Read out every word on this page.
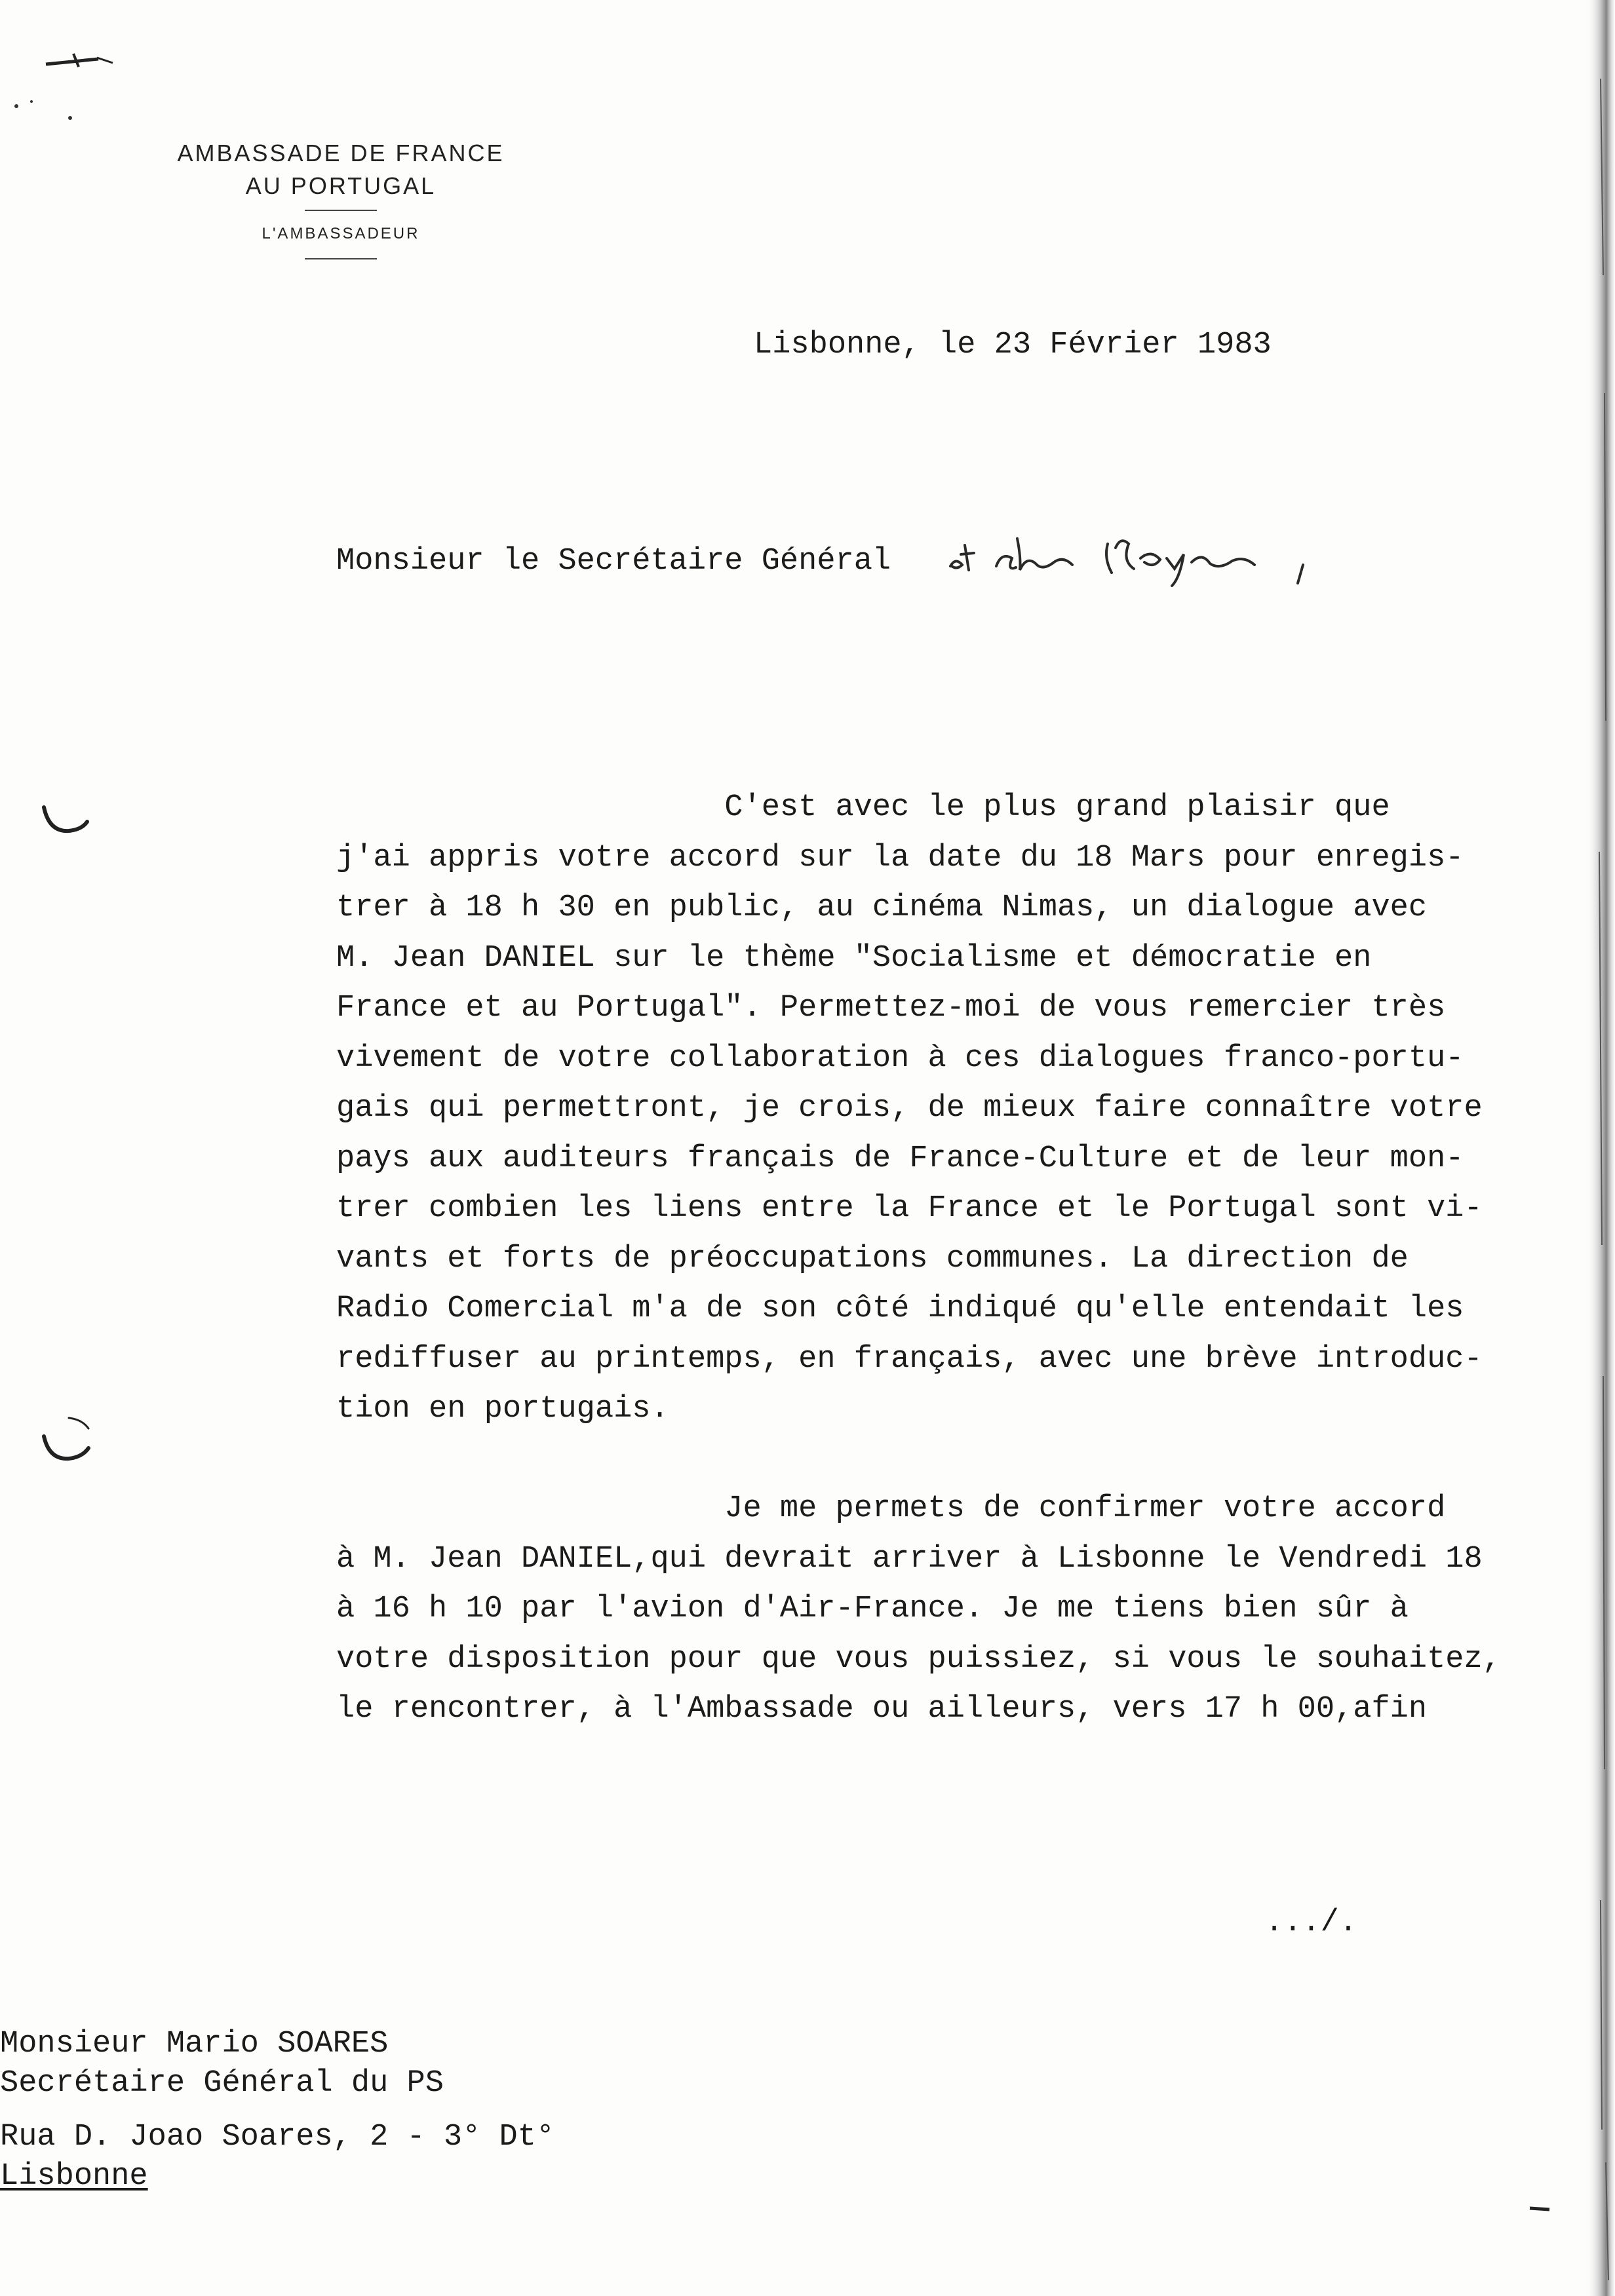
AMBASSADE DE FRANCE
AU PORTUGAL
L'AMBASSADEUR
Lisbonne, le 23 Février 1983
Monsieur le Secrétaire Général
C'est avec le plus grand plaisir que
j'ai appris votre accord sur la date du 18 Mars pour enregis-
trer à 18 h 30 en public, au cinéma Nimas, un dialogue avec
M. Jean DANIEL sur le thème "Socialisme et démocratie en
France et au Portugal". Permettez-moi de vous remercier très
vivement de votre collaboration à ces dialogues franco-portu-
gais qui permettront, je crois, de mieux faire connaître votre
pays aux auditeurs français de France-Culture et de leur mon-
trer combien les liens entre la France et le Portugal sont vi-
vants et forts de préoccupations communes. La direction de
Radio Comercial m'a de son côté indiqué qu'elle entendait les
rediffuser au printemps, en français, avec une brève introduc-
tion en portugais.
Je me permets de confirmer votre accord
à M. Jean DANIEL,qui devrait arriver à Lisbonne le Vendredi 18
à 16 h 10 par l'avion d'Air-France. Je me tiens bien sûr à
votre disposition pour que vous puissiez, si vous le souhaitez,
le rencontrer, à l'Ambassade ou ailleurs, vers 17 h 00,afin
.../.
Monsieur Mario SOARES
Secrétaire Général du PS
Rua D. Joao Soares, 2 - 3° Dt°
Lisbonne
